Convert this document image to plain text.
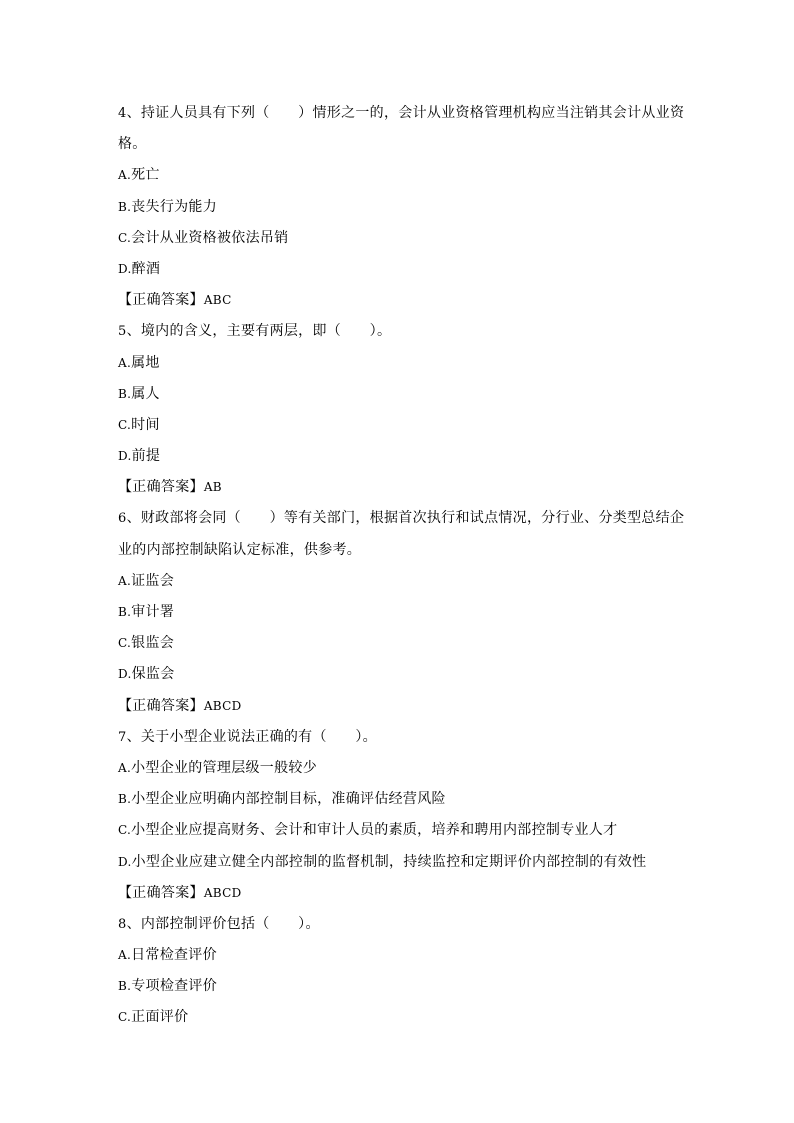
4、持证人员具有下列（　　）情形之一的，会计从业资格管理机构应当注销其会计从业资
格。
A.死亡
B.丧失行为能力
C.会计从业资格被依法吊销
D.醉酒
【正确答案】ABC
5、境内的含义，主要有两层，即（　　）。
A.属地
B.属人
C.时间
D.前提
【正确答案】AB
6、财政部将会同（　　）等有关部门，根据首次执行和试点情况，分行业、分类型总结企
业的内部控制缺陷认定标准，供参考。
A.证监会
B.审计署
C.银监会
D.保监会
【正确答案】ABCD
7、关于小型企业说法正确的有（　　）。
A.小型企业的管理层级一般较少
B.小型企业应明确内部控制目标，准确评估经营风险
C.小型企业应提高财务、会计和审计人员的素质，培养和聘用内部控制专业人才
D.小型企业应建立健全内部控制的监督机制，持续监控和定期评价内部控制的有效性
【正确答案】ABCD
8、内部控制评价包括（　　）。
A.日常检查评价
B.专项检查评价
C.正面评价
